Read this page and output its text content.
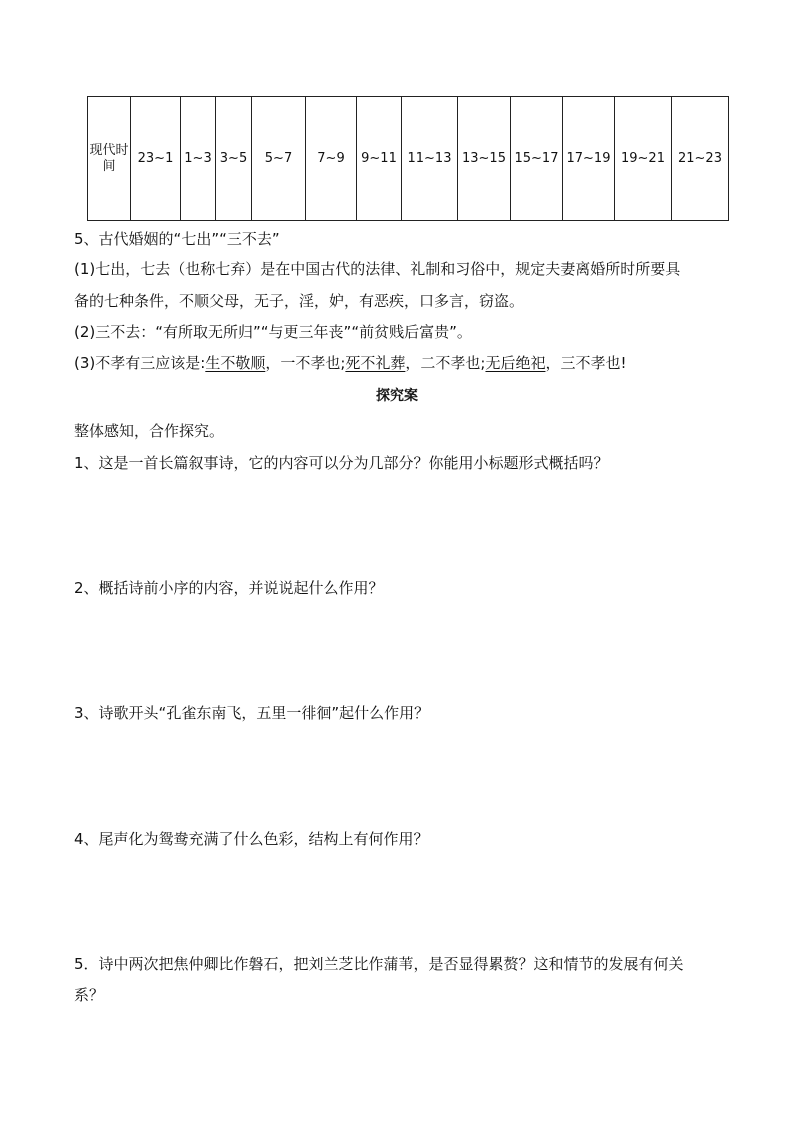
现代时间	23~1	1~3	3~5	5~7	7~9	9~11	11~13	13~15	15~17	17~19	19~21	21~23
5、古代婚姻的“七出”“三不去”
(1)七出，七去（也称七弃）是在中国古代的法律、礼制和习俗中，规定夫妻离婚所时所要具
备的七种条件，不顺父母，无子，淫，妒，有恶疾，口多言，窃盗。
(2)三不去：“有所取无所归”“与更三年丧”“前贫贱后富贵”。
(3)不孝有三应该是:生不敬顺，一不孝也;死不礼葬，二不孝也;无后绝祀，三不孝也!
探究案
整体感知，合作探究。
1、这是一首长篇叙事诗，它的内容可以分为几部分？你能用小标题形式概括吗？
2、概括诗前小序的内容，并说说起什么作用？
3、诗歌开头“孔雀东南飞，五里一徘徊”起什么作用？
4、尾声化为鸳鸯充满了什么色彩，结构上有何作用？
5．诗中两次把焦仲卿比作磐石，把刘兰芝比作蒲苇，是否显得累赘？这和情节的发展有何关
系？
